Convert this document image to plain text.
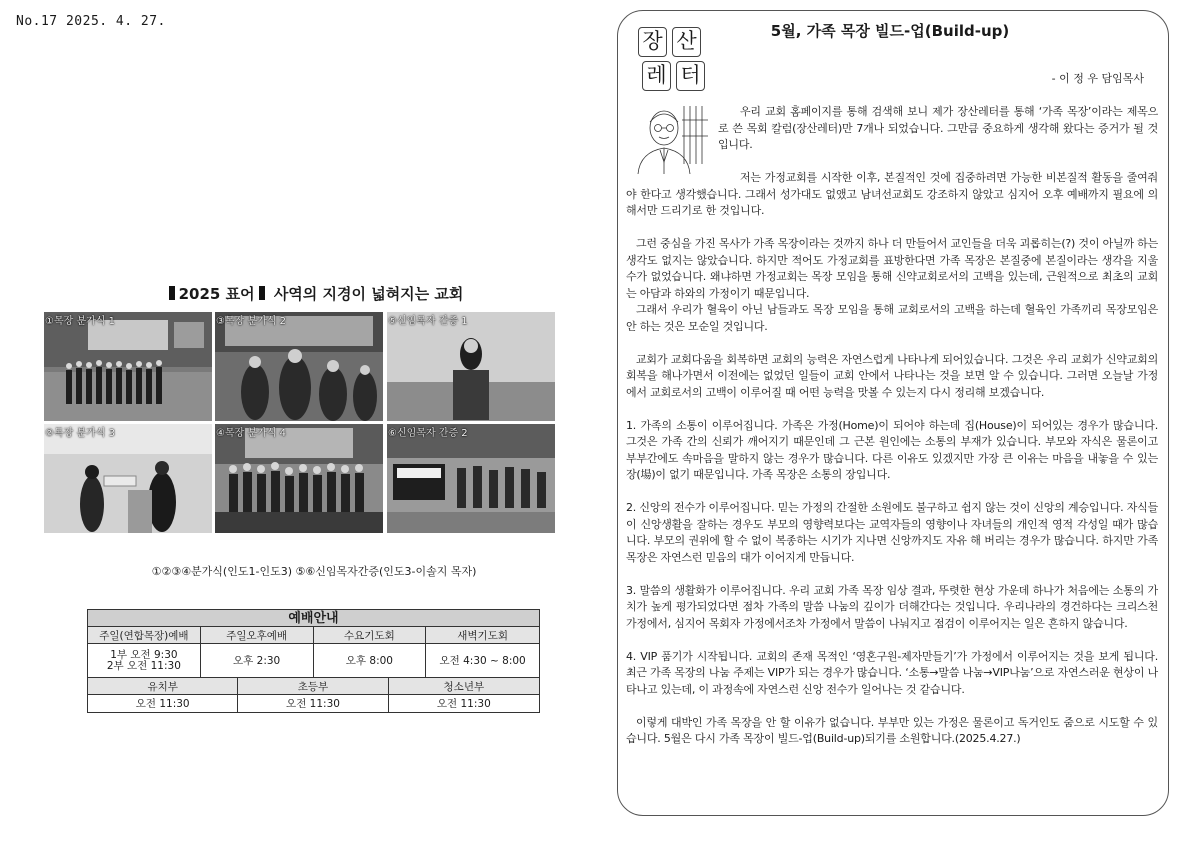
No.17 2025. 4. 27.
2025 표어 사역의 지경이 넓혀지는 교회
①목장 분가식 1	③목장 분가식 2	⑤신임목자 간증 1
②목장 분가식 3	④목장 분가식 4	⑥신임목자 간증 2
①②③④분가식(인도1-인도3) ⑤⑥신임목자간증(인도3-이솔지 목자)
예배안내
주일(연합목장)예배	주일오후예배	수요기도회	새벽기도회
1부 오전 9:30
2부 오전 11:30	오후 2:30	오후 8:00	오전 4:30 ~ 8:00
유치부	초등부	청소년부
오전 11:30	오전 11:30	오전 11:30
장 산
레 터
5월, 가족 목장 빌드-업(Build-up)
- 이 정 우 담임목사

우리 교회 홈페이지를 통해 검색해 보니 제가 장산레터를 통해 ‘가족 목장’이라는 제목으로 쓴 목회 칼럼(장산레터)만 7개나 되었습니다. 그만큼 중요하게 생각해 왔다는 증거가 될 것입니다.

저는 가정교회를 시작한 이후, 본질적인 것에 집중하려면 가능한 비본질적 활동을 줄여줘야 한다고 생각했습니다. 그래서 성가대도 없앴고 남녀선교회도 강조하지 않았고 심지어 오후 예배까지 필요에 의해서만 드리기로 한 것입니다.

그런 중심을 가진 목사가 가족 목장이라는 것까지 하나 더 만들어서 교인들을 더욱 괴롭히는(?) 것이 아닐까 하는 생각도 없지는 않았습니다. 하지만 적어도 가정교회를 표방한다면 가족 목장은 본질중에 본질이라는 생각을 지울 수가 없었습니다. 왜냐하면 가정교회는 목장 모임을 통해 신약교회로서의 고백을 있는데, 근원적으로 최초의 교회는 아담과 하와의 가정이기 때문입니다.

그래서 우리가 혈육이 아닌 남들과도 목장 모임을 통해 교회로서의 고백을 하는데 혈육인 가족끼리 목장모임은 안 하는 것은 모순일 것입니다.

교회가 교회다움을 회복하면 교회의 능력은 자연스럽게 나타나게 되어있습니다. 그것은 우리 교회가 신약교회의 회복을 해나가면서 이전에는 없었던 일들이 교회 안에서 나타나는 것을 보면 알 수 있습니다. 그러면 오늘날 가정에서 교회로서의 고백이 이루어질 때 어떤 능력을 맛볼 수 있는지 다시 정리해 보겠습니다.

1. 가족의 소통이 이루어집니다. 가족은 가정(Home)이 되어야 하는데 집(House)이 되어있는 경우가 많습니다. 그것은 가족 간의 신뢰가 깨어지기 때문인데 그 근본 원인에는 소통의 부재가 있습니다. 부모와 자식은 물론이고 부부간에도 속마음을 말하지 않는 경우가 많습니다. 다른 이유도 있겠지만 가장 큰 이유는 마음을 내놓을 수 있는 장(場)이 없기 때문입니다. 가족 목장은 소통의 장입니다.

2. 신앙의 전수가 이루어집니다. 믿는 가정의 간절한 소원에도 불구하고 쉽지 않는 것이 신앙의 계승입니다. 자식들이 신앙생활을 잘하는 경우도 부모의 영향력보다는 교역자들의 영향이나 자녀들의 개인적 영적 각성일 때가 많습니다. 부모의 권위에 할 수 없이 복종하는 시기가 지나면 신앙까지도 자유 해 버리는 경우가 많습니다. 하지만 가족 목장은 자연스런 믿음의 대가 이어지게 만듭니다.

3. 말씀의 생활화가 이루어집니다. 우리 교회 가족 목장 임상 결과, 뚜렷한 현상 가운데 하나가 처음에는 소통의 가치가 높게 평가되었다면 점차 가족의 말씀 나눔의 깊이가 더해간다는 것입니다. 우리나라의 경건하다는 크리스천 가정에서, 심지어 목회자 가정에서조차 가정에서 말씀이 나눠지고 점검이 이루어지는 일은 흔하지 않습니다.

4. VIP 품기가 시작됩니다. 교회의 존재 목적인 ‘영혼구원-제자만들기’가 가정에서 이루어지는 것을 보게 됩니다. 최근 가족 목장의 나눔 주제는 VIP가 되는 경우가 많습니다. ‘소통→말씀 나눔→VIP나눔’으로 자연스러운 현상이 나타나고 있는데, 이 과정속에 자연스런 신앙 전수가 일어나는 것 같습니다.

이렇게 대박인 가족 목장을 안 할 이유가 없습니다. 부부만 있는 가정은 물론이고 독거인도 줌으로 시도할 수 있습니다. 5월은 다시 가족 목장이 빌드-업(Build-up)되기를 소원합니다.(2025.4.27.)
